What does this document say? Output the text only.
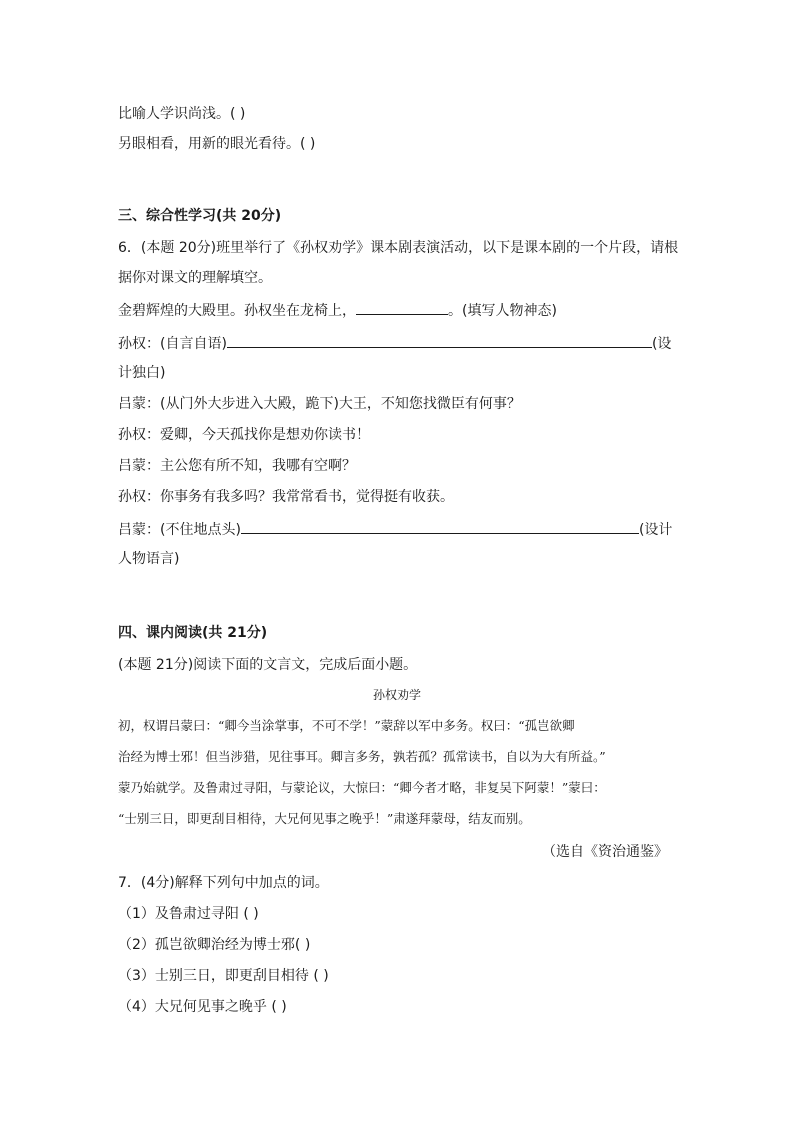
比喻人学识尚浅。( )
另眼相看，用新的眼光看待。( )
三、综合性学习(共 20分)
6．(本题 20分)班里举行了《孙权劝学》课本剧表演活动，以下是课本剧的一个片段，请根
据你对课文的理解填空。
金碧辉煌的大殿里。孙权坐在龙椅上，	。(填写人物神态)
孙权：(自言自语)	(设
计独白)
吕蒙：(从门外大步进入大殿，跪下)大王，不知您找微臣有何事？
孙权：爱卿，今天孤找你是想劝你读书！
吕蒙：主公您有所不知，我哪有空啊？
孙权：你事务有我多吗？我常常看书，觉得挺有收获。
吕蒙：(不住地点头)	(设计
人物语言)
四、课内阅读(共 21分)
(本题 21分)阅读下面的文言文，完成后面小题。
孙权劝学
初，权谓吕蒙曰：“卿今当涂掌事，不可不学！”蒙辞以军中多务。权曰：“孤岂欲卿
治经为博士邪！但当涉猎，见往事耳。卿言多务，孰若孤？孤常读书，自以为大有所益。”
蒙乃始就学。及鲁肃过寻阳，与蒙论议，大惊曰：“卿今者才略，非复吴下阿蒙！”蒙曰：
“士别三日，即更刮目相待，大兄何见事之晚乎！”肃遂拜蒙母，结友而别。
（选自《资治通鉴》
7．(4分)解释下列句中加点的词。
（1）及鲁肃过寻阳 ( )
（2）孤岂欲卿治经为博士邪( )
（3）士别三日，即更刮目相待 ( )
（4）大兄何见事之晚乎 ( )
